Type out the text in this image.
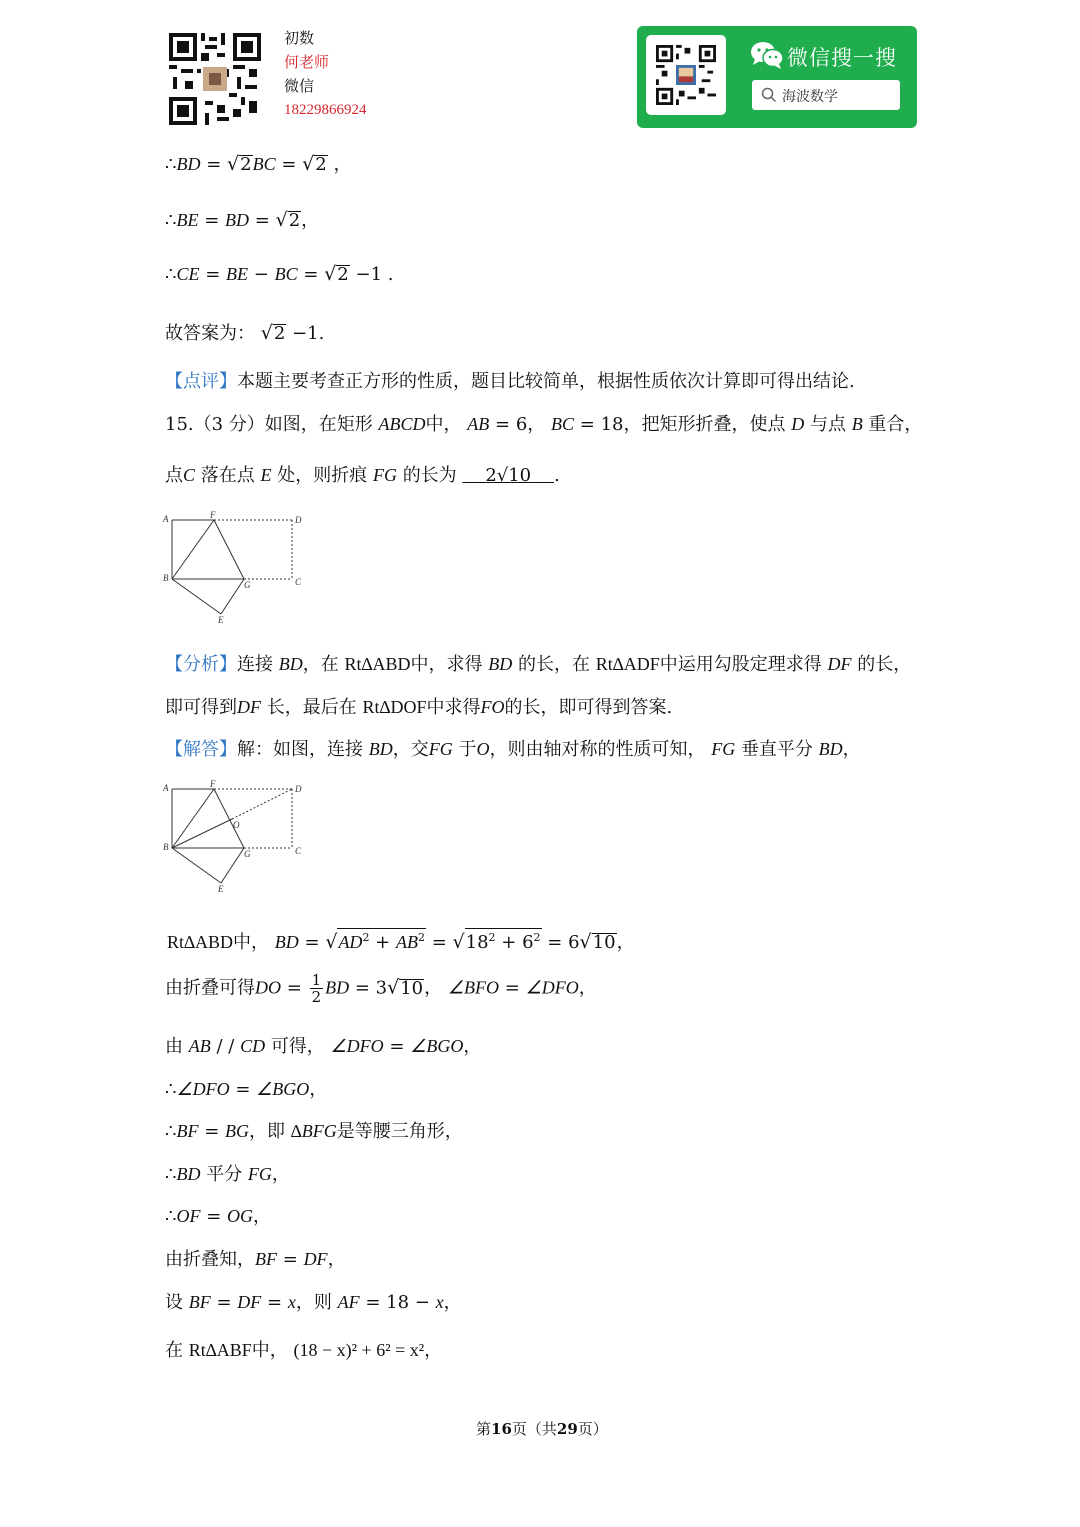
初数
何老师
微信
18229866924
微信搜一搜
海波数学
∴BD = √2BC = √2 ，
∴BE = BD = √2，
∴CE = BE − BC = √2 −1 .
故答案为： √2 −1.
【点评】本题主要考查正方形的性质，题目比较简单，根据性质依次计算即可得出结论.
15.（3 分）如图，在矩形 ABCD中， AB = 6， BC = 18，把矩形折叠，使点 D 与点 B 重合，
点C 落在点 E 处，则折痕 FG 的长为 2√10 .
A	F	D
B
G	C
E
【分析】连接 BD，在 Rt∆ABD中，求得 BD 的长，在 Rt∆ADF中运用勾股定理求得 DF 的长，
即可得到DF 长，最后在 Rt∆DOF中求得FO的长，即可得到答案.
【解答】解：如图，连接 BD，交FG 于O，则由轴对称的性质可知， FG 垂直平分 BD，
A	F	D
B
G	C
E
O
Rt∆ABD中， BD = $√AD^2 + AB^2 = √18^2 + 6^2 = 6√10$，
由折叠可得DO = $\frac{1}{2}$ BD = 3√10， ∠BFO = ∠DFO，
由 AB / / CD 可得， ∠DFO = ∠BGO，
∴∠DFO = ∠BGO，
∴BF = BG，即 ∆BFG是等腰三角形，
∴BD 平分 FG，
∴OF = OG，
由折叠知，BF = DF，
设 BF = DF = x，则 AF = 18 − x，
在 Rt∆ABF中， (18 − x)² + 6² = x²，
第16页（共29页）
